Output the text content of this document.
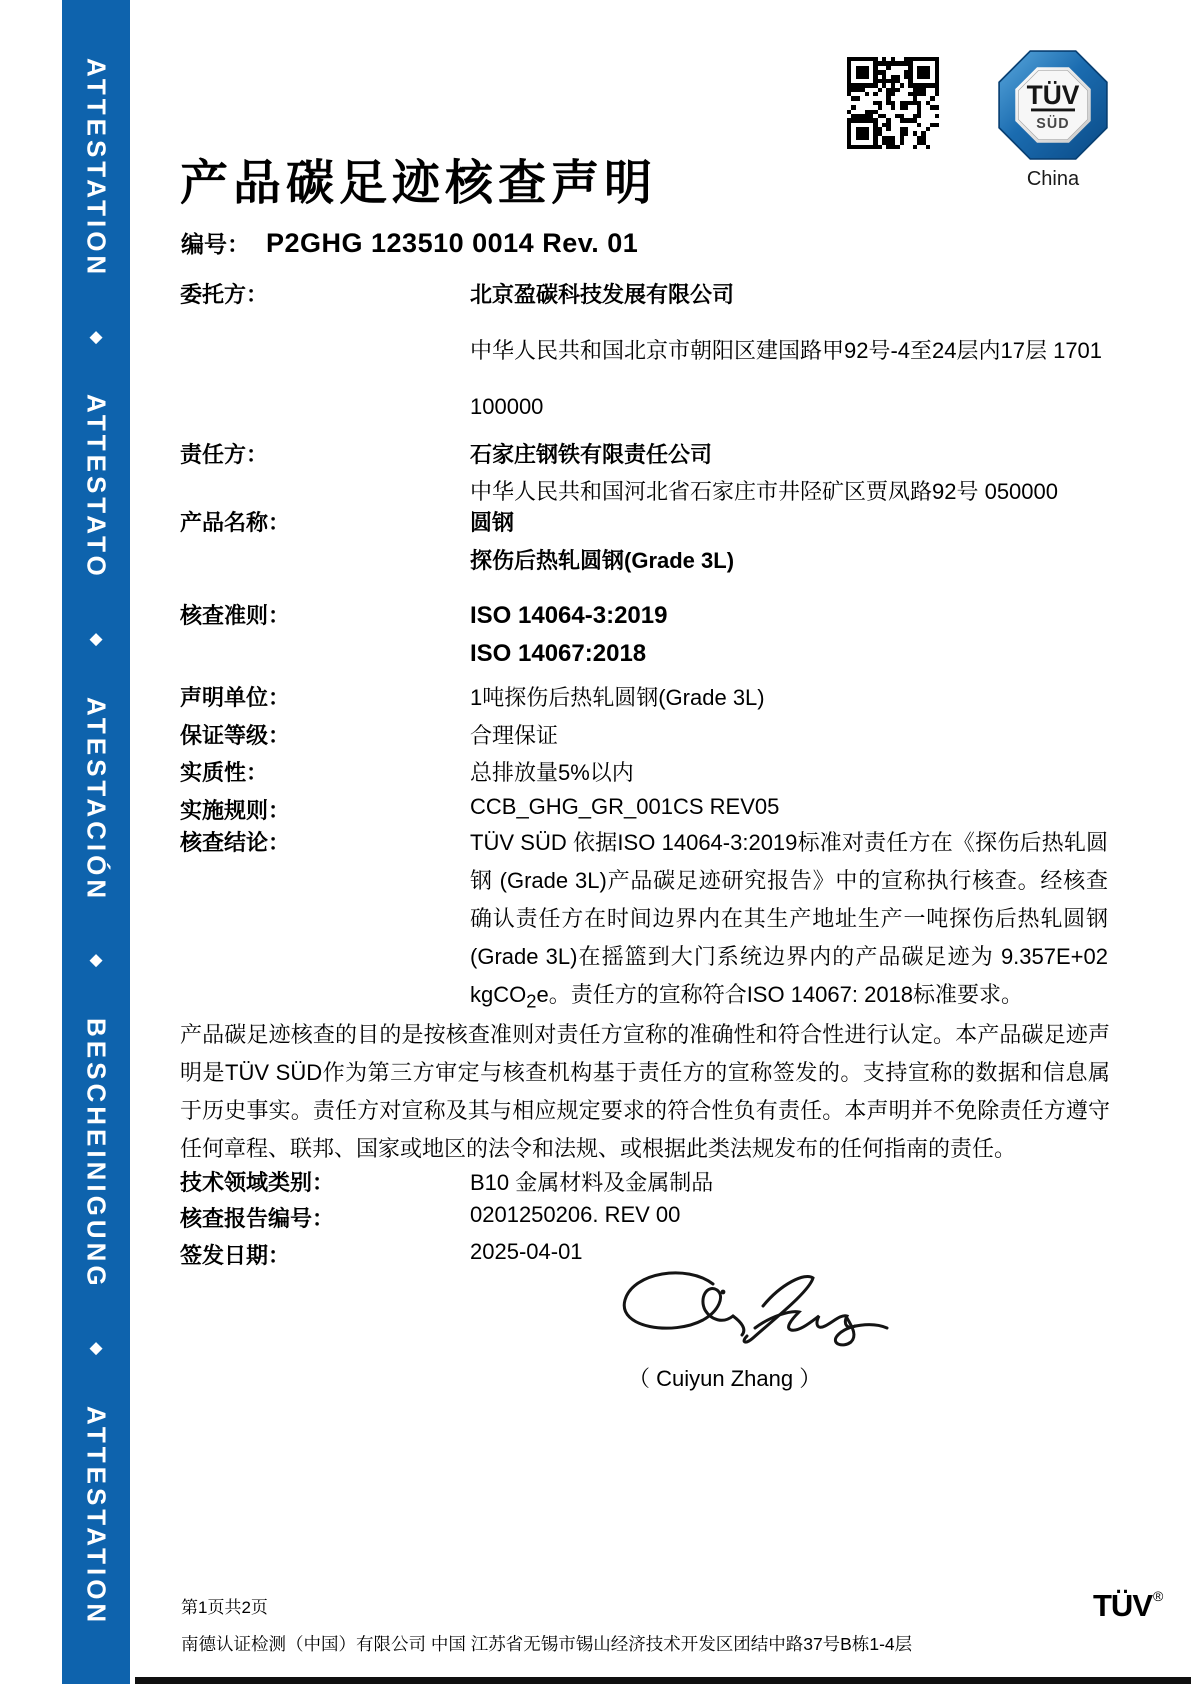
ATTESTATION
◆
ATTESTATO
◆
ATESTACIÓN
◆
BESCHEINIGUNG
◆
ATTESTATION
TÜV
SÜD
China
产品碳足迹核查声明
编号： P2GHG 123510 0014 Rev. 01
委托方：	北京盈碳科技发展有限公司
中华人民共和国北京市朝阳区建国路甲92号-4至24层内17层 1701
100000
责任方：	石家庄钢铁有限责任公司
中华人民共和国河北省石家庄市井陉矿区贾凤路92号 050000
产品名称：	圆钢
探伤后热轧圆钢(Grade 3L)
核查准则：	ISO 14064-3:2019
ISO 14067:2018
声明单位：	1吨探伤后热轧圆钢(Grade 3L)
保证等级：	合理保证
实质性：	总排放量5%以内
实施规则：	CCB_GHG_GR_001CS REV05
核查结论：	TÜV SÜD 依据ISO 14064-3:2019标准对责任方在《探伤后热轧圆钢 (Grade 3L)产品碳足迹研究报告》中的宣称执行核查。经核查确认责任方在时间边界内在其生产地址生产一吨探伤后热轧圆钢(Grade 3L)在摇篮到大门系统边界内的产品碳足迹为 9.357E+02 kgCO$_2$e。责任方的宣称符合ISO 14067: 2018标准要求。
产品碳足迹核查的目的是按核查准则对责任方宣称的准确性和符合性进行认定。本产品碳足迹声明是TÜV SÜD作为第三方审定与核查机构基于责任方的宣称签发的。支持宣称的数据和信息属于历史事实。责任方对宣称及其与相应规定要求的符合性负有责任。本声明并不免除责任方遵守任何章程、联邦、国家或地区的法令和法规、或根据此类法规发布的任何指南的责任。
技术领域类别：	B10 金属材料及金属制品
核查报告编号：	0201250206. REV 00
签发日期：	2025-04-01
（ Cuiyun Zhang ）
第1页共2页
南德认证检测（中国）有限公司 中国 江苏省无锡市锡山经济技术开发区团结中路37号B栋1-4层
TÜV®
